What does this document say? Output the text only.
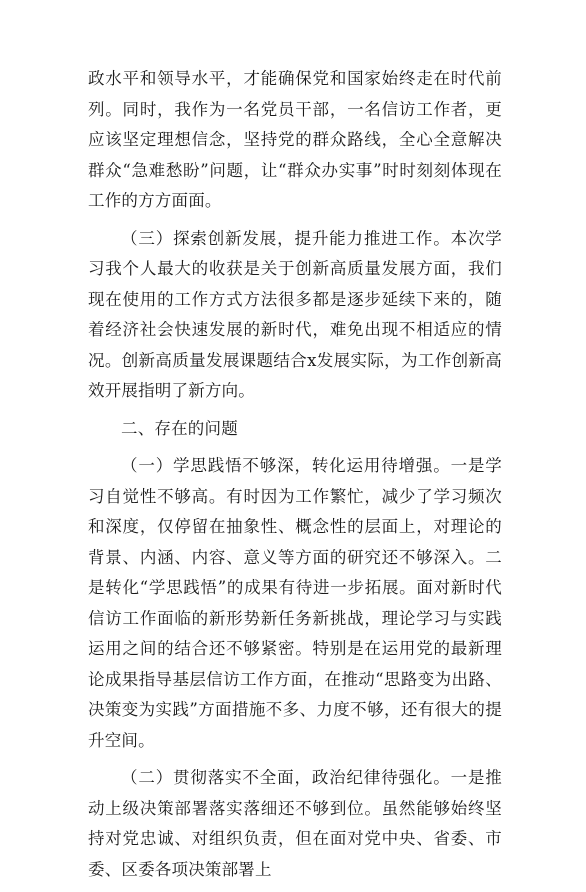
政水平和领导水平，才能确保党和国家始终走在时代前列。同时，我作为一名党员干部，一名信访工作者，更应该坚定理想信念，坚持党的群众路线，全心全意解决群众“急难愁盼”问题，让“群众办实事”时时刻刻体现在工作的方方面面。

（三）探索创新发展，提升能力推进工作。本次学习我个人最大的收获是关于创新高质量发展方面，我们现在使用的工作方式方法很多都是逐步延续下来的，随着经济社会快速发展的新时代，难免出现不相适应的情况。创新高质量发展课题结合x发展实际，为工作创新高效开展指明了新方向。

二、存在的问题

（一）学思践悟不够深，转化运用待增强。一是学习自觉性不够高。有时因为工作繁忙，减少了学习频次和深度，仅停留在抽象性、概念性的层面上，对理论的背景、内涵、内容、意义等方面的研究还不够深入。二是转化“学思践悟”的成果有待进一步拓展。面对新时代信访工作面临的新形势新任务新挑战，理论学习与实践运用之间的结合还不够紧密。特别是在运用党的最新理论成果指导基层信访工作方面，在推动“思路变为出路、决策变为实践”方面措施不多、力度不够，还有很大的提升空间。

（二）贯彻落实不全面，政治纪律待强化。一是推动上级决策部署落实落细还不够到位。虽然能够始终坚持对党忠诚、对组织负责，但在面对党中央、省委、市委、区委各项决策部署上
